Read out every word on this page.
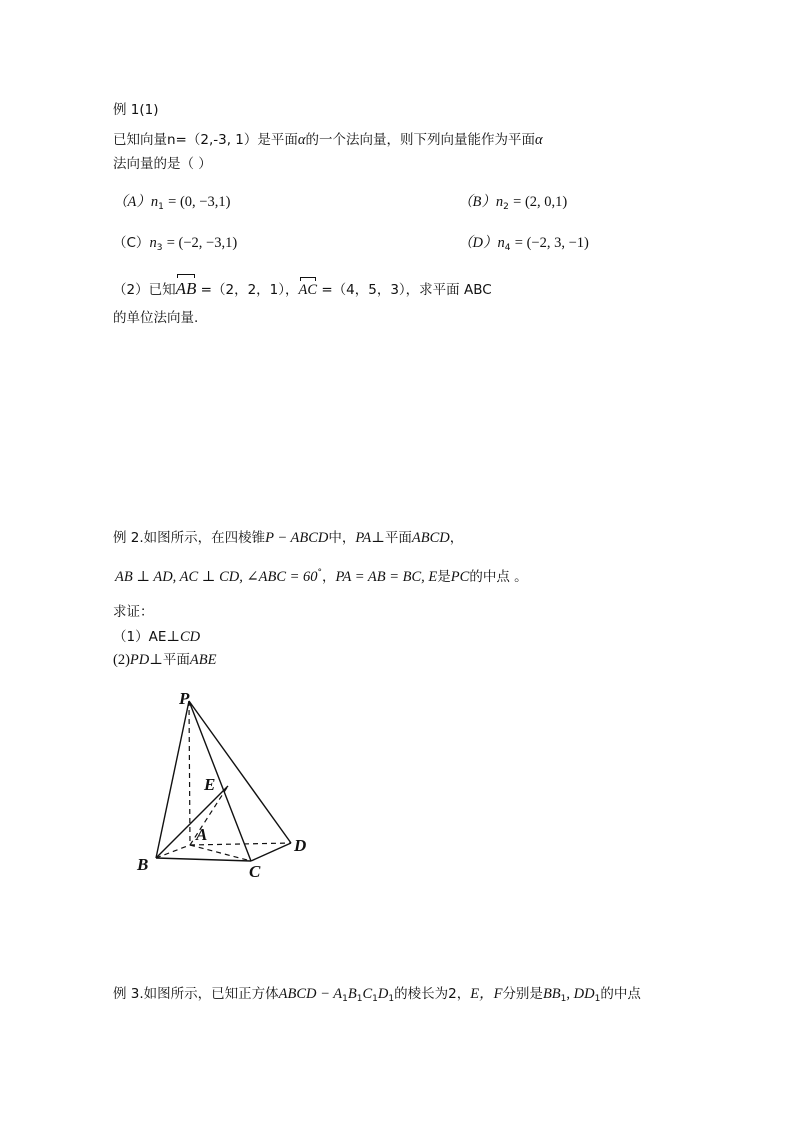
例 1(1)
已知向量n=（2,-3, 1）是平面α的一个法向量，则下列向量能作为平面α
法向量的是（ ）
$(A)n_1 = (0$, −3,1)	$(B)n_2 = (2$, 0,1)
$(C)n_3 = (-2$, −3,1)	$(D)n_4 = (-2$, 3, −1)
（2）已知AB =（2，2，1），AC =（4，5，3），求平面 ABC
的单位法向量.
例 2.如图所示，在四棱锥P − ABCD中，PA⊥平面ABCD，
AB ⊥ AD, AC ⊥ CD, ∠ABC = 60°，PA = AB = BC, E是PC的中点 。
求证：
（1）AE⊥CD
(2)PD⊥平面ABE
P
E
A
D
B	C
例 3.如图所示，已知正方体ABCD − $A_1B_1C_1D_1$的棱长为2，E，F分别是$BB_1$, $DD_1$的中点
